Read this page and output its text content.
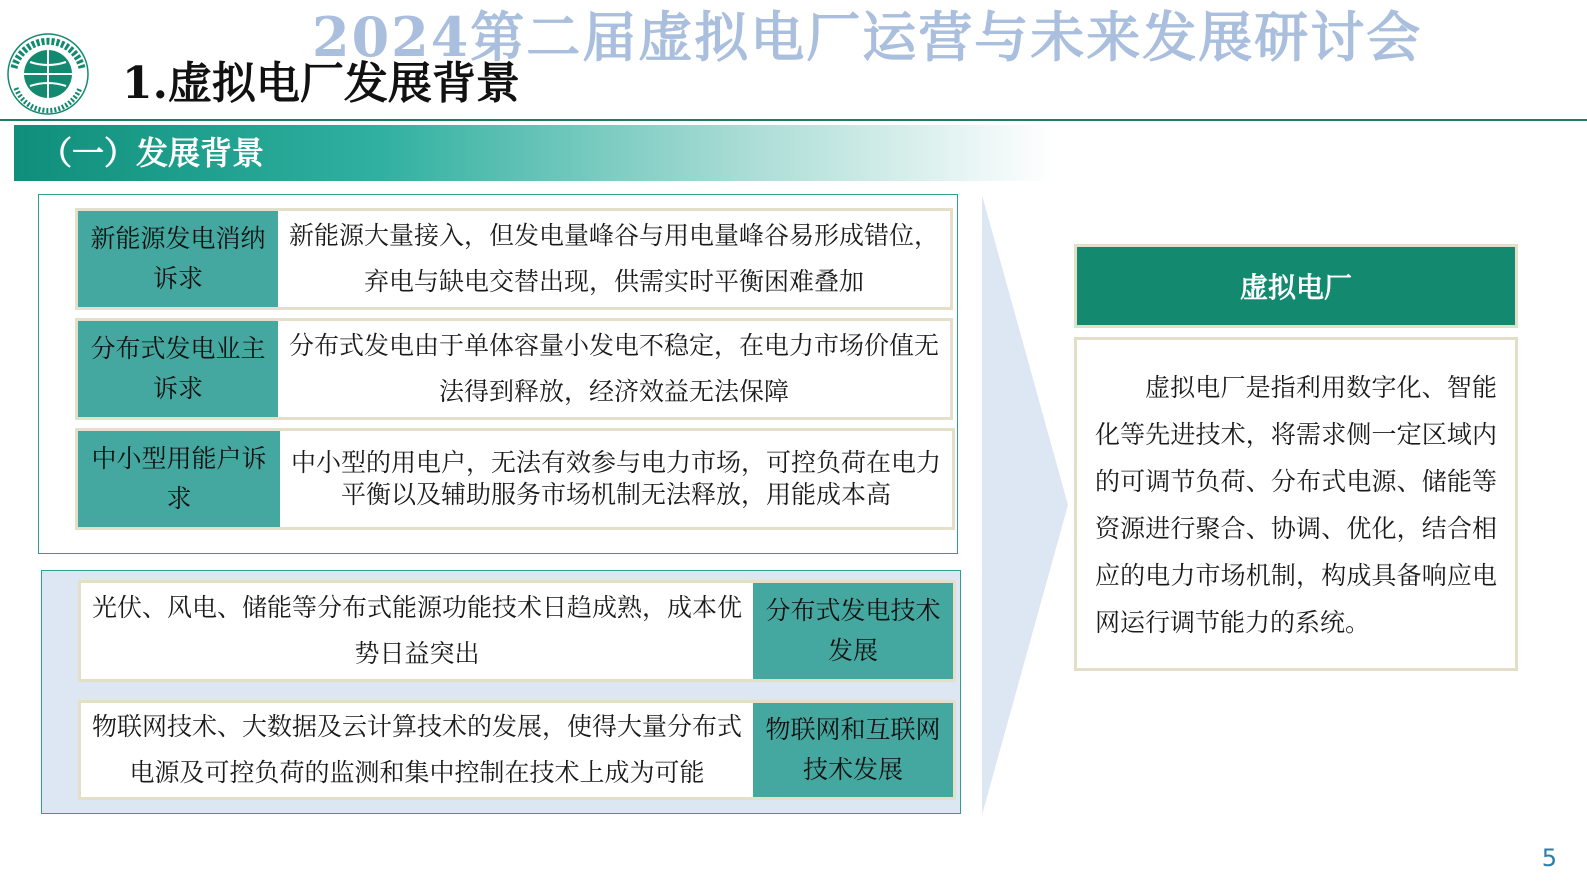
2024第二届虚拟电厂运营与未来发展研讨会
1.虚拟电厂发展背景
（一）发展背景
新能源发电消纳诉求
新能源大量接入，但发电量峰谷与用电量峰谷易形成错位，弃电与缺电交替出现，供需实时平衡困难叠加
分布式发电业主诉求
分布式发电由于单体容量小发电不稳定，在电力市场价值无法得到释放，经济效益无法保障
中小型用能户诉求
中小型的用电户，无法有效参与电力市场，可控负荷在电力平衡以及辅助服务市场机制无法释放，用能成本高
光伏、风电、储能等分布式能源功能技术日趋成熟，成本优势日益突出
分布式发电技术发展
物联网技术、大数据及云计算技术的发展，使得大量分布式电源及可控负荷的监测和集中控制在技术上成为可能
物联网和互联网技术发展
虚拟电厂

虚拟电厂是指利用数字化、智能化等先进技术，将需求侧一定区域内的可调节负荷、分布式电源、储能等资源进行聚合、协调、优化，结合相应的电力市场机制，构成具备响应电网运行调节能力的系统。

5
